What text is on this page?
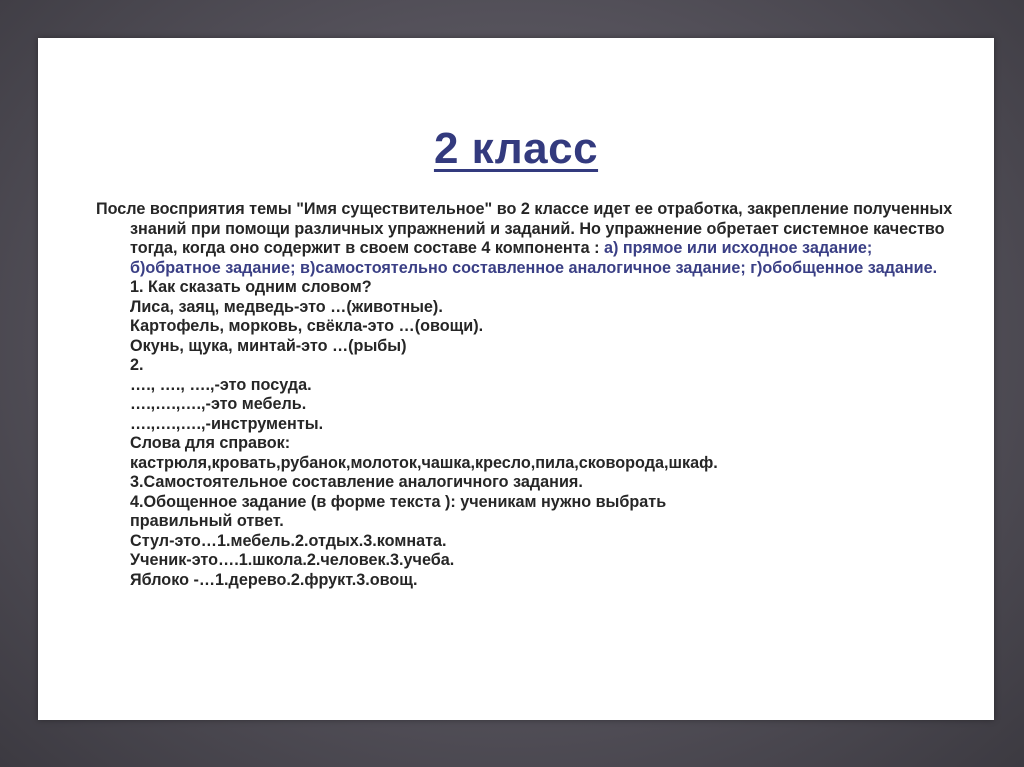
2 класс

После восприятия темы "Имя существительное" во 2 классе идет ее отработка, закрепление полученных знаний при помощи различных упражнений и заданий. Но упражнение обретает системное качество тогда, когда оно содержит в своем составе 4 компонента : а) прямое или исходное задание; б)обратное задание; в)самостоятельно составленное аналогичное задание; г)обобщенное задание.

1. Как сказать одним словом?
Лиса, заяц, медведь-это …(животные).
Картофель, морковь, свёкла-это …(овощи).
Окунь, щука, минтай-это …(рыбы)
2.
…., …., ….,-это посуда.
….,….,….,-это мебель.
….,….,….,-инструменты.
Слова для справок:
кастрюля,кровать,рубанок,молоток,чашка,кресло,пила,сковорода,шкаф.
3.Самостоятельное составление аналогичного задания.
4.Обощенное задание (в форме текста ): ученикам нужно выбрать
правильный ответ.
Стул-это…1.мебель.2.отдых.3.комната.
Ученик-это….1.школа.2.человек.3.учеба.
Яблоко -…1.дерево.2.фрукт.3.овощ.
